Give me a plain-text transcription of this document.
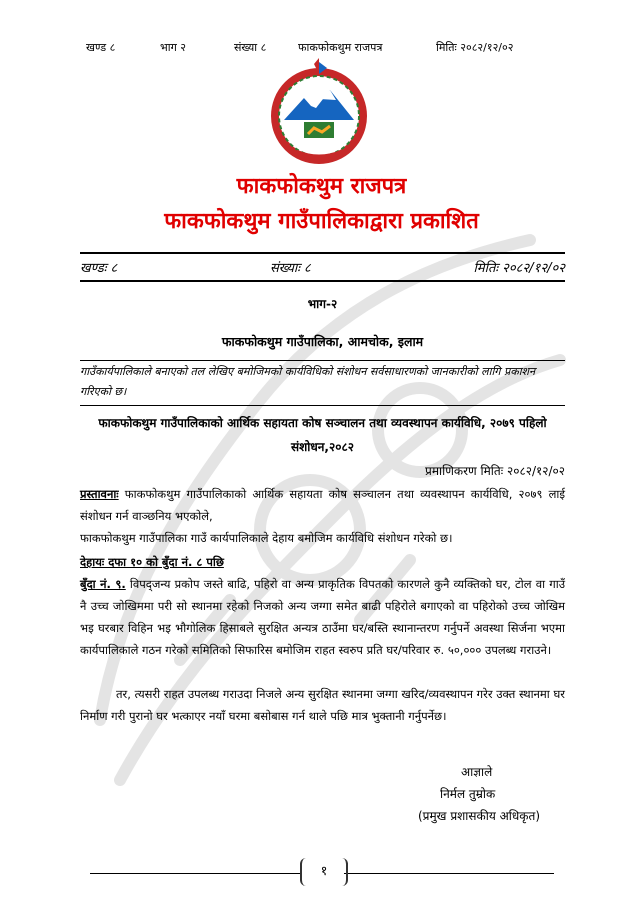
खण्ड ८	भाग २	संख्या ८	फाकफोकथुम राजपत्र	मितिः २०८२/१२/०२
फाकफोकथुम राजपत्र
फाकफोकथुम गाउँपालिकाद्वारा प्रकाशित
खण्डः ८	संख्याः ८	मितिः २०८२/१२/०२
भाग-२
फाकफोकथुम गाउँपालिका, आमचोक, इलाम
गाउँकार्यपालिकाले बनाएको तल लेखिए बमोजिमको कार्यविधिको संशोधन सर्वसाधारणको जानकारीको लागि प्रकाशन गरिएको छ।
फाकफोकथुम गाउँपालिकाको आर्थिक सहायता कोष सञ्चालन तथा व्यवस्थापन कार्यविधि, २०७९ पहिलो
संशोधन,२०८२
प्रमाणिकरण मितिः २०८२/१२/०२
प्रस्तावनाः फाकफोकथुम गाउँपालिकाको आर्थिक सहायता कोष सञ्चालन तथा व्यवस्थापन कार्यविधि, २०७९ लाई संशोधन गर्न वाञ्छनिय भएकोले,
फाकफोकथुम गाउँपालिका गाउँ कार्यपालिकाले देहाय बमोजिम कार्यविधि संशोधन गरेको छ।
देहायः दफा १० को बुँदा नं. ८ पछि
बुँदा नं. ९. विपद्जन्य प्रकोप जस्ते बाढि, पहिरो वा अन्य प्राकृतिक विपतको कारणले कुनै व्यक्तिको घर, टोल वा गाउँ नै उच्च जोखिममा परी सो स्थानमा रहेको निजको अन्य जग्गा समेत बाढी पहिरोले बगाएको वा पहिरोको उच्च जोखिम भइ घरबार विहिन भइ भौगोलिक हिसाबले सुरक्षित अन्यत्र ठाउँमा घर/बस्ति स्थानान्तरण गर्नुपर्ने अवस्था सिर्जना भएमा कार्यपालिकाले गठन गरेको समितिको सिफारिस बमोजिम राहत स्वरुप प्रति घर/परिवार रु. ५०,००० उपलब्ध गराउने।
तर, त्यसरी राहत उपलब्ध गराउदा निजले अन्य सुरक्षित स्थानमा जग्गा खरिद/व्यवस्थापन गरेर उक्त स्थानमा घर निर्माण गरी पुरानो घर भत्काएर नयाँ घरमा बसोबास गर्न थाले पछि मात्र भुक्तानी गर्नुपर्नेछ।
आज्ञाले
निर्मल तुम्रोक
(प्रमुख प्रशासकीय अधिकृत)
१
